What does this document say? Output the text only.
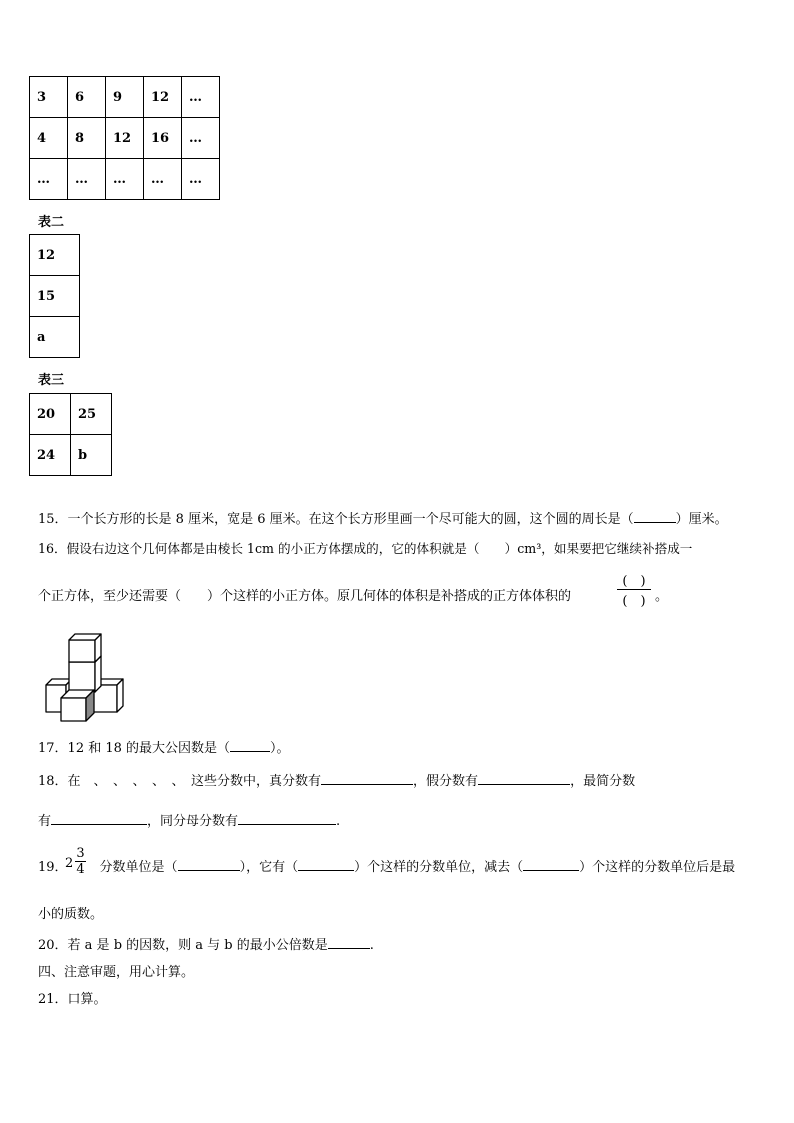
3	6	9	12	…
4	8	12	16	…
…	…	…	…	…
表二
12
15
a
表三
20	25
24	b
15．一个长方形的长是 8 厘米，宽是 6 厘米。在这个长方形里画一个尽可能大的圆，这个圆的周长是（	）厘米。
16．假设右边这个几何体都是由棱长 1cm 的小正方体摆成的，它的体积就是（　　）cm³，如果要把它继续补搭成一
个正方体，至少还需要（　　）个这样的小正方体。原几何体的体积是补搭成的正方体体积的
(　)
(　) 。
17．12 和 18 的最大公因数是（	）。
18．在　、　、　、　、　、　这些分数中，真分数有	，假分数有	，最简分数
有	，同分母分数有	.
19． 分数单位是（	），它有（	）个这样的分数单位，减去（	）个这样的分数单位后是最
2
3
4
小的质数。
20．若 a 是 b 的因数，则 a 与 b 的最小公倍数是	.
四、注意审题，用心计算。
21．口算。
